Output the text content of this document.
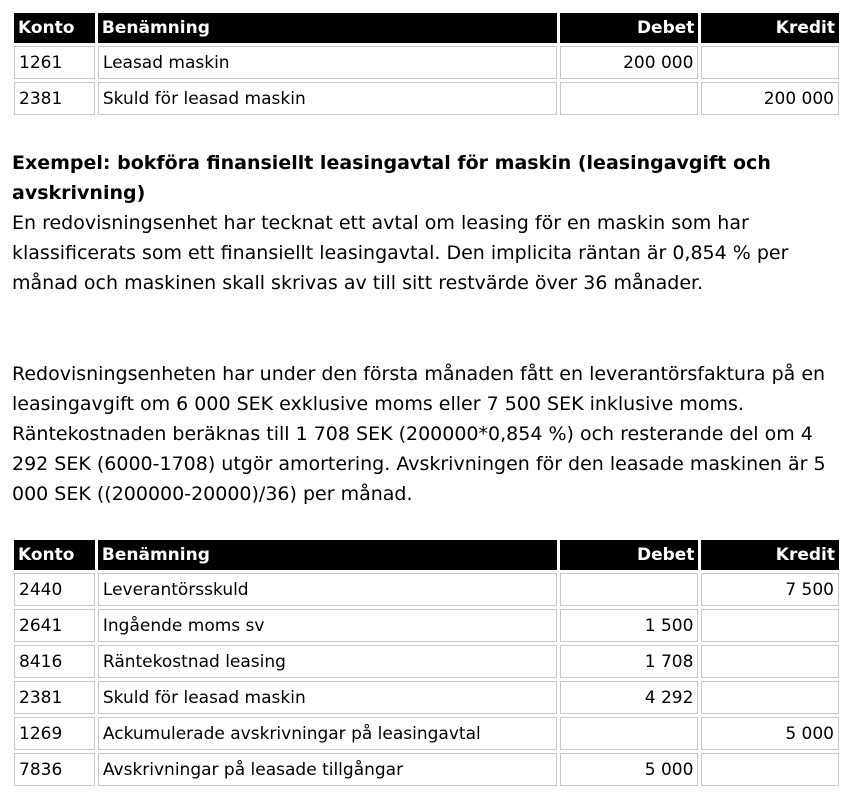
Konto	Benämning	Debet	Kredit
1261	Leasad maskin	200 000	
2381	Skuld för leasad maskin		200 000
Exempel: bokföra finansiellt leasingavtal för maskin (leasingavgift och avskrivning)
En redovisningsenhet har tecknat ett avtal om leasing för en maskin som har klassificerats som ett finansiellt leasingavtal. Den implicita räntan är 0,854 % per månad och maskinen skall skrivas av till sitt restvärde över 36 månader.
Redovisningsenheten har under den första månaden fått en leverantörsfaktura på en leasingavgift om 6 000 SEK exklusive moms eller 7 500 SEK inklusive moms. Räntekostnaden beräknas till 1 708 SEK (200000*0,854 %) och resterande del om 4 292 SEK (6000-1708) utgör amortering. Avskrivningen för den leasade maskinen är 5 000 SEK ((200000-20000)/36) per månad.
Konto	Benämning	Debet	Kredit
2440	Leverantörsskuld		7 500
2641	Ingående moms sv	1 500	
8416	Räntekostnad leasing	1 708	
2381	Skuld för leasad maskin	4 292	
1269	Ackumulerade avskrivningar på leasingavtal		5 000
7836	Avskrivningar på leasade tillgångar	5 000	
